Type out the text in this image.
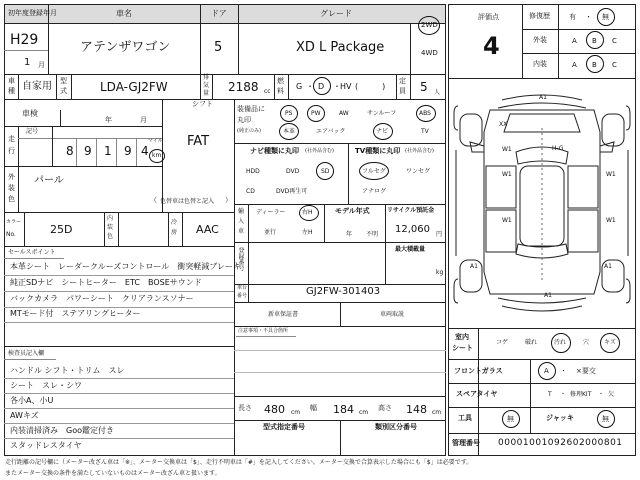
初年度登録年月	車名	ドア	グレード
H29
1 月
アテンザワゴン	5	XD L Package
2WD
4WD
車
種 自家用 型
式	LDA-GJ2FW
排
気
量 2188 cc
燃
料 G ・ D ・ HV (　　　)
定
員 5 人
車検
年	月
シフト
FAT
走
行
記号
8 9 1 9 4
マイル
km
外
装
色
パール
（	）
色替車は色替と記入
カラー
No.	25D
内
装
色
冷
房 AAC
セールスポイント
本革シート　レーダークルーズコントロール　衝突軽減ブレーキ
純正SDナビ　シートヒーター　ETC　BOSEサウンド
バックカメラ　パワーシート　クリアランスソナー
MTモード付　ステアリングヒーター
検査员記入欄
ハンドル シフト・トリム　スレ
シート　スレ・シワ
各小A、小U
AWキズ
内装清掃済み　Goo鑑定付き
スタッドレスタイヤ
装備品に
丸印
(純正のみ)
PS	PW	AW	サンルーフ	ABS
本革	エアバック	ナビ	TV
ナビ種類に丸印 (社外品含む)
HDD	DVD	SD
CD	DVD再生可
TV種類に丸印 (社外品含む)
フルセグ	ワンセグ
アナログ
輸
入
車
ディーラー	右H
並行	左H
モデル年式
年 不明
リサイクル預託金
12,060 円
最大積載量
kg
登録番号
車台
番号	GJ2FW-301403
新車保証書	車両取説
注意事項・不具合箇所
長さ 480 cm
幅 184 cm
高さ 148 cm
型式指定番号	類別区分番号
評価点
4
修復歴	有 ・ 無
外装	A B C
内装	A B C
A1
XX
W1	H-G
W1	W1
W1	W1
A1	A1
A1
室内
シート
コゲ	破れ	汚れ	穴 キズ
フロントガラス	A ・ ×要交
スペアタイヤ	T ・ 修理KIT ・ 欠
工具	無	ジャッキ	無
管理番号 00001001092602000801
走行距離の記号欄に（メーター改ざん車は「※」、メーター交換車は「$」、走行不明車は「#」を記入してください。メーター交換で合算表示した場合にも「$」は必要です。
またメーター交換の条件を満たしていないものはメーター改ざん車と扱います。
